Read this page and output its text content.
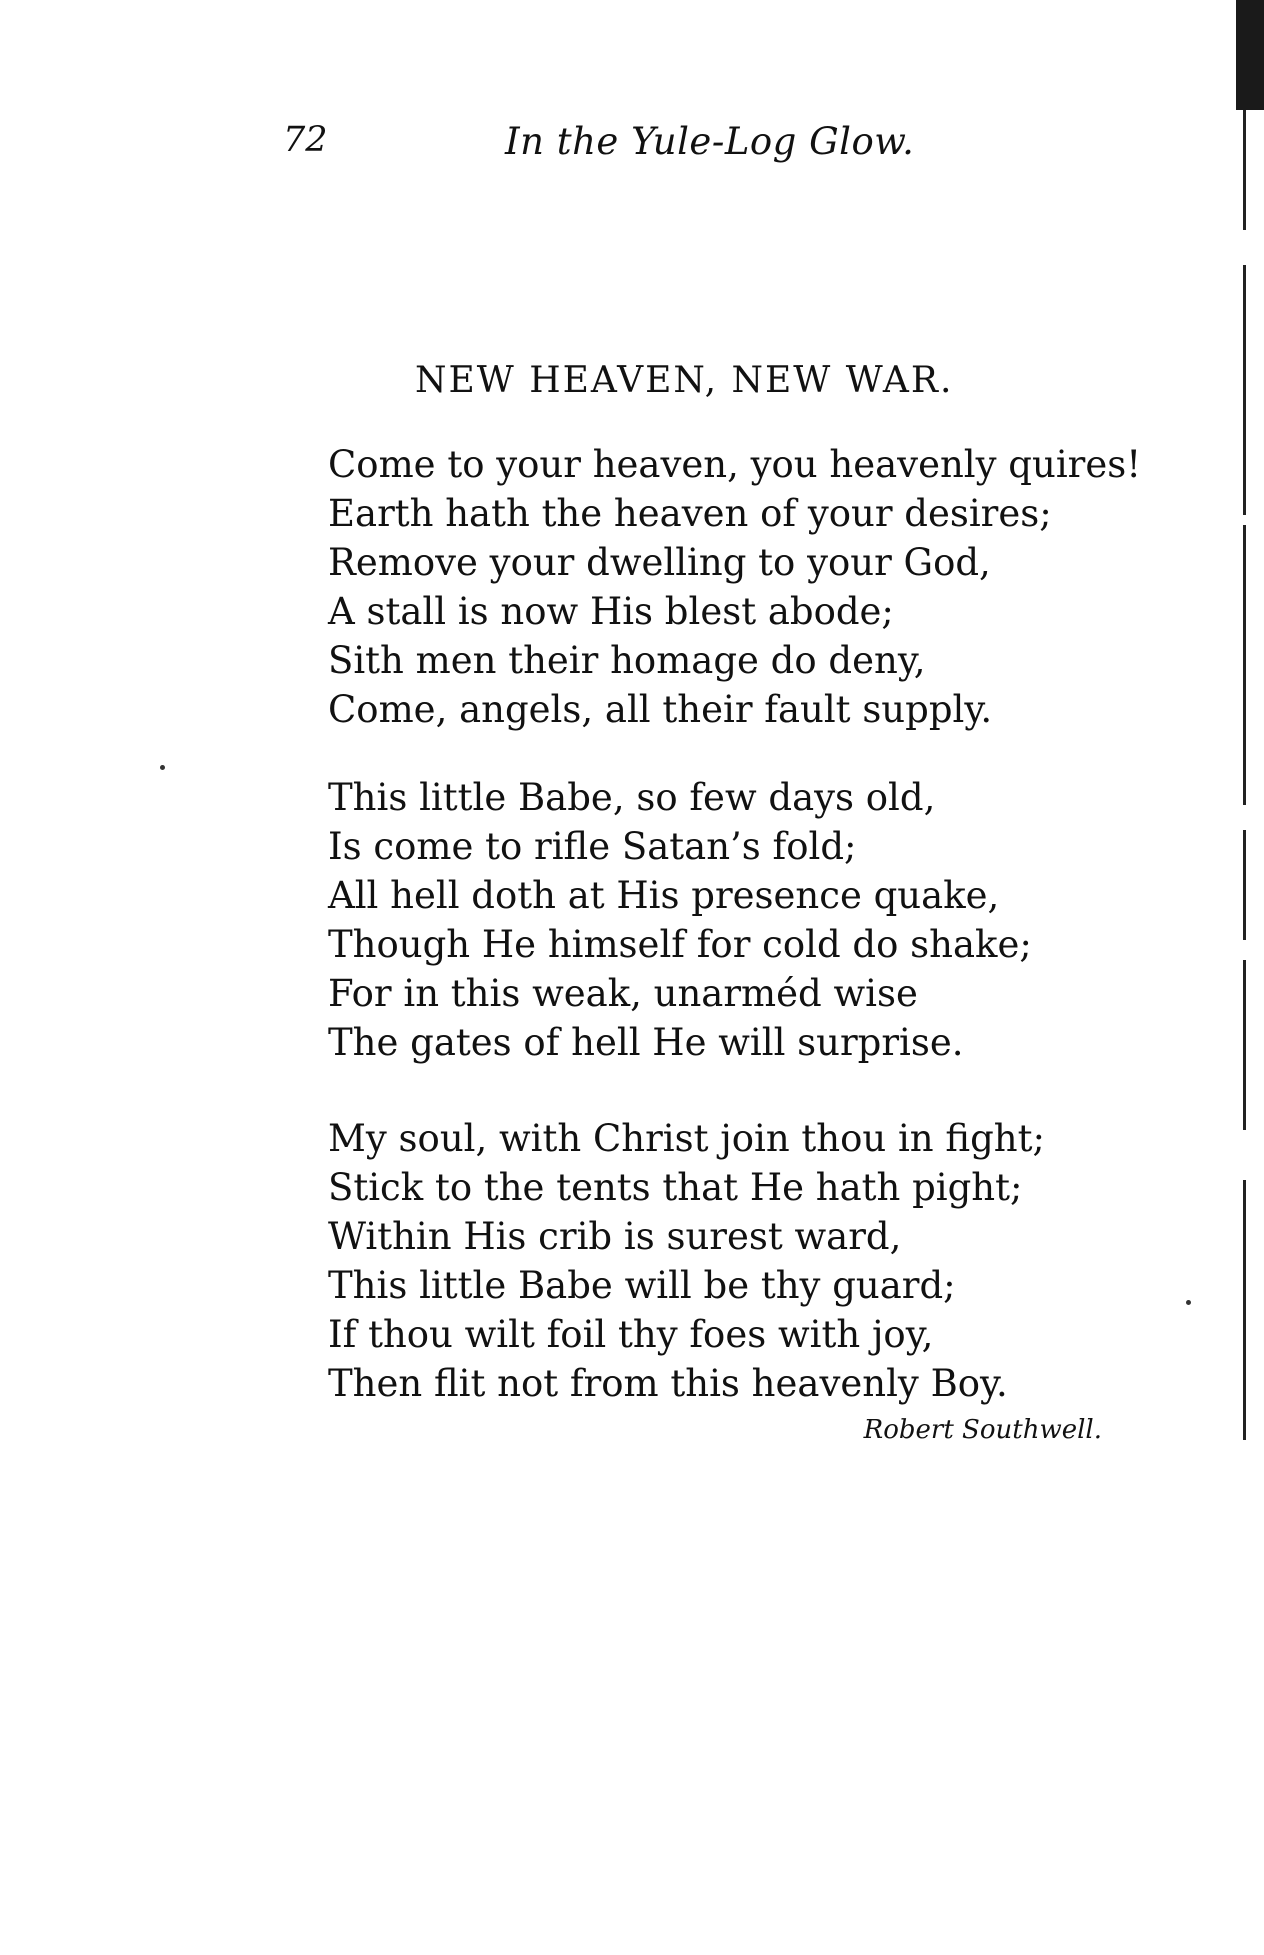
72	In the Yule-Log Glow.
NEW HEAVEN, NEW WAR.
Come to your heaven, you heavenly quires!
Earth hath the heaven of your desires;
Remove your dwelling to your God,
A stall is now His blest abode;
Sith men their homage do deny,
Come, angels, all their fault supply.
This little Babe, so few days old,
Is come to rifle Satan’s fold;
All hell doth at His presence quake,
Though He himself for cold do shake;
For in this weak, unarméd wise
The gates of hell He will surprise.
My soul, with Christ join thou in fight;
Stick to the tents that He hath pight;
Within His crib is surest ward,
This little Babe will be thy guard;
If thou wilt foil thy foes with joy,
Then flit not from this heavenly Boy.
Robert Southwell.
